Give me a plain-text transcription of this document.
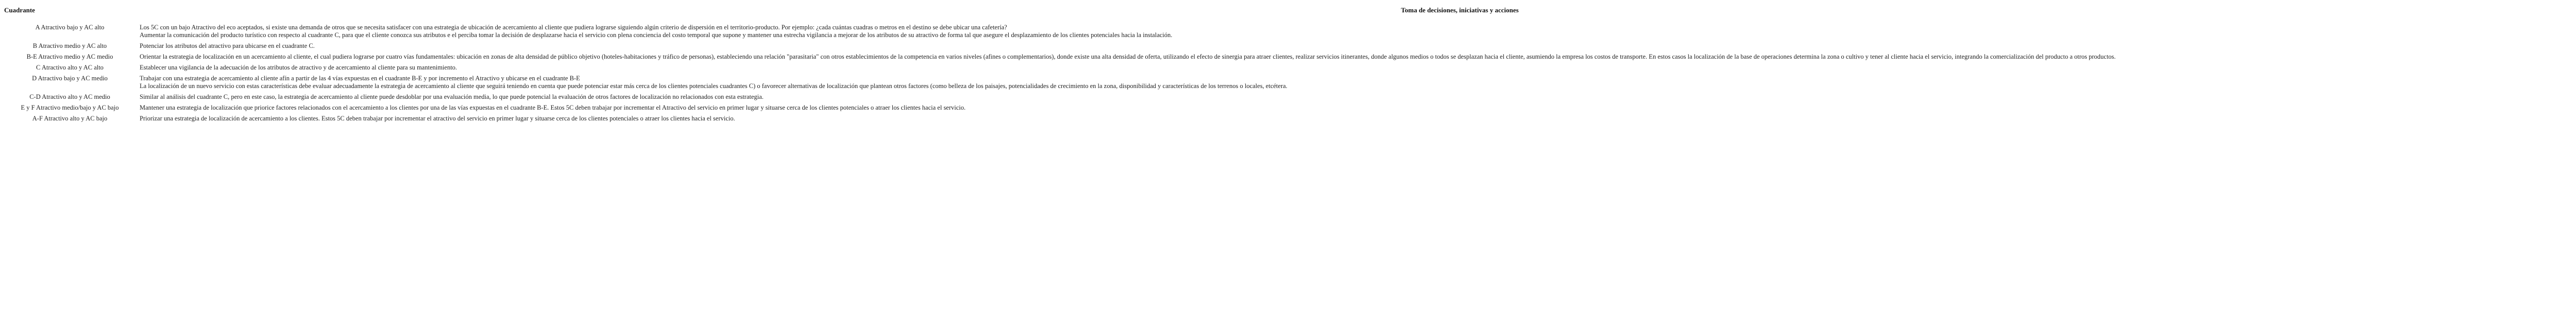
Cuadrante	Toma de decisiones, iniciativas y acciones
A Atractivo bajo y AC alto	Los 5C con un bajo Atractivo del eco aceptados, si existe una demanda de otros que se necesita satisfacer con una estrategia de ubicación de acercamiento al cliente que pudiera lograrse siguiendo algún criterio de dispersión en el territorio-producto. Por ejemplo: ¿cada cuántas cuadras o metros en el destino se debe ubicar una cafetería?
Aumentar la comunicación del producto turístico con respecto al cuadrante C, para que el cliente conozca sus atributos e el perciba tomar la decisión de desplazarse hacia el servicio con plena conciencia del costo temporal que supone y mantener una estrecha vigilancia a mejorar de los atributos de su atractivo de forma tal que asegure el desplazamiento de los clientes potenciales hacia la instalación.

B Atractivo medio y AC alto	Potenciar los atributos del atractivo para ubicarse en el cuadrante C.

B-E Atractivo medio y AC medio	Orientar la estrategia de localización en un acercamiento al cliente, el cual pudiera lograrse por cuatro vías fundamentales: ubicación en zonas de alta densidad de público objetivo (hoteles-habitaciones y tráfico de personas), estableciendo una relación "parasitaria" con otros establecimientos de la competencia en varios niveles (afines o complementarios), donde existe una alta densidad de oferta, utilizando el efecto de sinergia para atraer clientes, realizar servicios itinerantes, donde algunos medios o todos se desplazan hacia el cliente, asumiendo la empresa los costos de transporte. En estos casos la localización de la base de operaciones determina la zona o cultivo y tener al cliente hacia el servicio, integrando la comercialización del producto a otros productos.

C Atractivo alto y AC alto	Establecer una vigilancia de la adecuación de los atributos de atractivo y de acercamiento al cliente para su mantenimiento.

D Atractivo bajo y AC medio	Trabajar con una estrategia de acercamiento al cliente afín a partir de las 4 vías expuestas en el cuadrante B-E y por incremento el Atractivo y ubicarse en el cuadrante B-E
La localización de un nuevo servicio con estas características debe evaluar adecuadamente la estrategia de acercamiento al cliente que seguirá teniendo en cuenta que puede potenciar estar más cerca de los clientes potenciales cuadrantes C) o favorecer alternativas de localización que plantean otros factores (como belleza de los paisajes, potencialidades de crecimiento en la zona, disponibilidad y características de los terrenos o locales, etcétera.

C-D Atractivo alto y AC medio	Similar al análisis del cuadrante C, pero en este caso, la estrategia de acercamiento al cliente puede desdoblar por una evaluación media, lo que puede potencial la evaluación de otros factores de localización no relacionados con esta estrategia.

E y F Atractivo medio/bajo y AC bajo	Mantener una estrategia de localización que priorice factores relacionados con el acercamiento a los clientes por una de las vías expuestas en el cuadrante B-E. Estos 5C deben trabajar por incrementar el Atractivo del servicio en primer lugar y situarse cerca de los clientes potenciales o atraer los clientes hacia el servicio.

A-F Atractivo alto y AC bajo	Priorizar una estrategia de localización de acercamiento a los clientes. Estos 5C deben trabajar por incrementar el atractivo del servicio en primer lugar y situarse cerca de los clientes potenciales o atraer los clientes hacia el servicio.
